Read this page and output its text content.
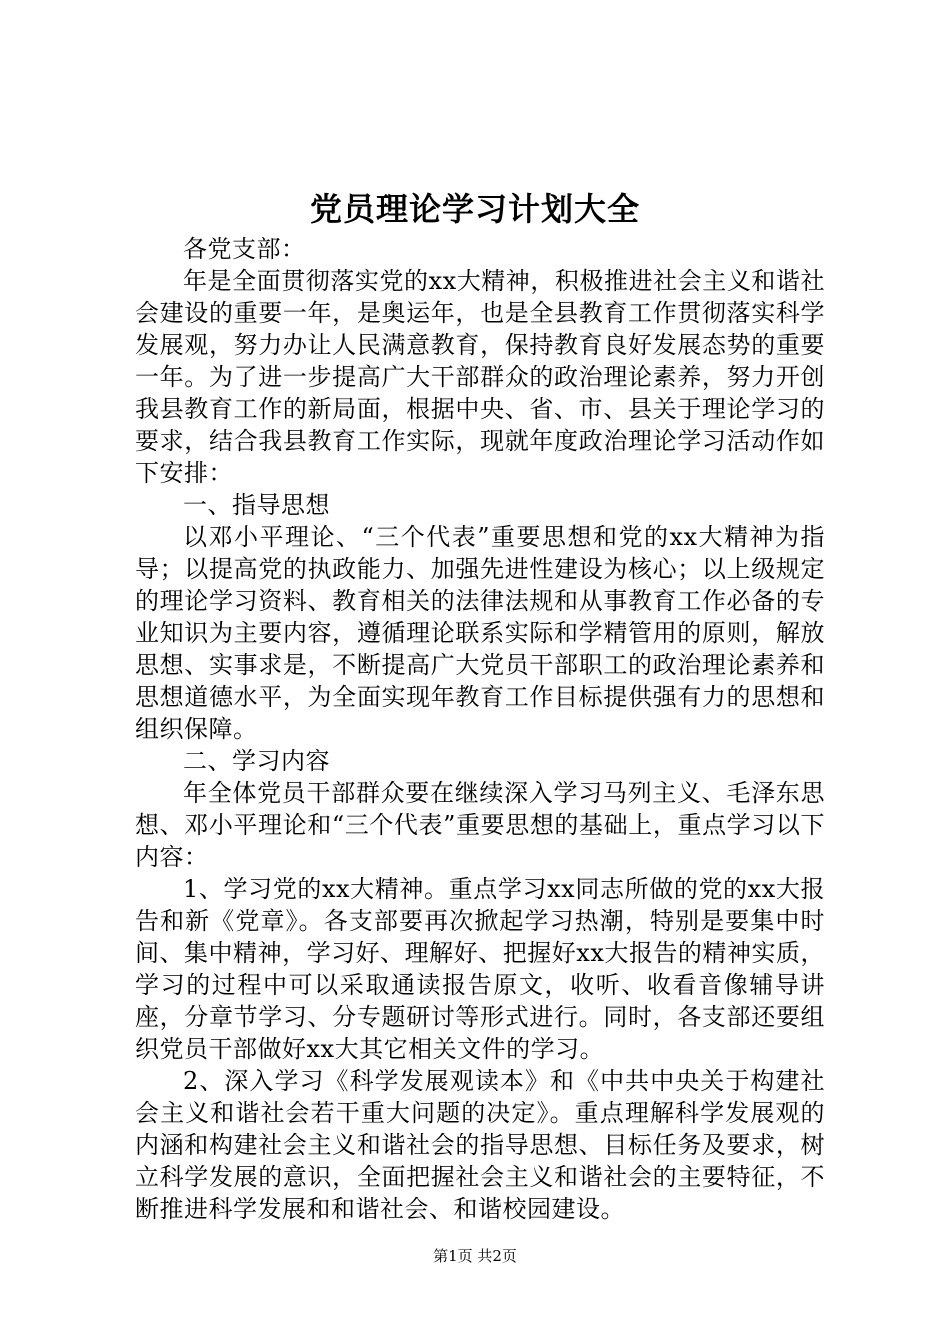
党员理论学习计划大全

各党支部：

年是全面贯彻落实党的xx大精神，积极推进社会主义和谐社会建设的重要一年，是奥运年，也是全县教育工作贯彻落实科学发展观，努力办让人民满意教育，保持教育良好发展态势的重要一年。为了进一步提高广大干部群众的政治理论素养，努力开创我县教育工作的新局面，根据中央、省、市、县关于理论学习的要求，结合我县教育工作实际，现就年度政治理论学习活动作如下安排：

一、指导思想

以邓小平理论、“三个代表”重要思想和党的xx大精神为指导；以提高党的执政能力、加强先进性建设为核心；以上级规定的理论学习资料、教育相关的法律法规和从事教育工作必备的专业知识为主要内容，遵循理论联系实际和学精管用的原则，解放思想、实事求是，不断提高广大党员干部职工的政治理论素养和思想道德水平，为全面实现年教育工作目标提供强有力的思想和组织保障。

二、学习内容

年全体党员干部群众要在继续深入学习马列主义、毛泽东思想、邓小平理论和“三个代表”重要思想的基础上，重点学习以下内容：

1、学习党的xx大精神。重点学习xx同志所做的党的xx大报告和新《党章》。各支部要再次掀起学习热潮，特别是要集中时间、集中精神，学习好、理解好、把握好xx大报告的精神实质，学习的过程中可以采取通读报告原文，收听、收看音像辅导讲座，分章节学习、分专题研讨等形式进行。同时，各支部还要组织党员干部做好xx大其它相关文件的学习。

2、深入学习《科学发展观读本》和《中共中央关于构建社会主义和谐社会若干重大问题的决定》。重点理解科学发展观的内涵和构建社会主义和谐社会的指导思想、目标任务及要求，树立科学发展的意识，全面把握社会主义和谐社会的主要特征，不断推进科学发展和和谐社会、和谐校园建设。

第1页 共2页
